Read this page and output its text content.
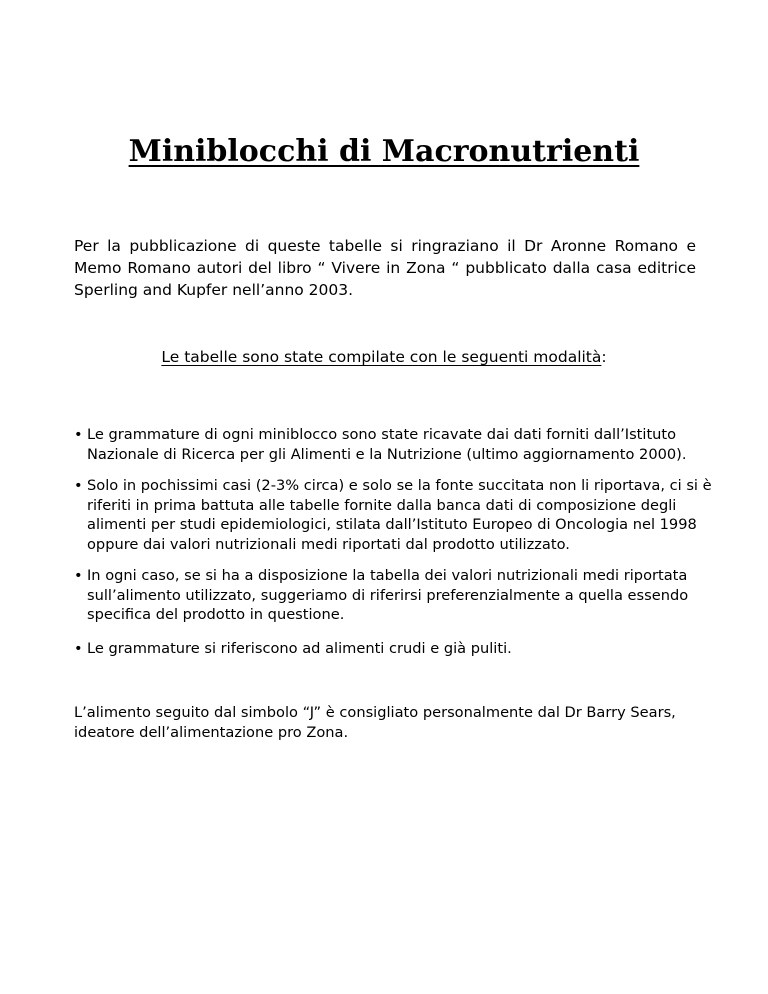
Miniblocchi di Macronutrienti

Per la pubblicazione di queste tabelle si ringraziano il Dr Aronne Romano e Memo Romano autori del libro “ Vivere in Zona “ pubblicato dalla casa editrice Sperling and Kupfer nell’anno 2003.

Le tabelle sono state compilate con le seguenti modalità:

• Le grammature di ogni miniblocco sono state ricavate dai dati forniti dall’Istituto Nazionale di Ricerca per gli Alimenti e la Nutrizione (ultimo aggiornamento 2000).
• Solo in pochissimi casi (2-3% circa) e solo se la fonte succitata non li riportava, ci si è riferiti in prima battuta alle tabelle fornite dalla banca dati di composizione degli alimenti per studi epidemiologici, stilata dall’Istituto Europeo di Oncologia nel 1998 oppure dai valori nutrizionali medi riportati dal prodotto utilizzato.
• In ogni caso, se si ha a disposizione la tabella dei valori nutrizionali medi riportata sull’alimento utilizzato, suggeriamo di riferirsi preferenzialmente a quella essendo specifica del prodotto in questione.
• Le grammature si riferiscono ad alimenti crudi e già puliti.

L’alimento seguito dal simbolo “J” è consigliato personalmente dal Dr Barry Sears, ideatore dell’alimentazione pro Zona.
